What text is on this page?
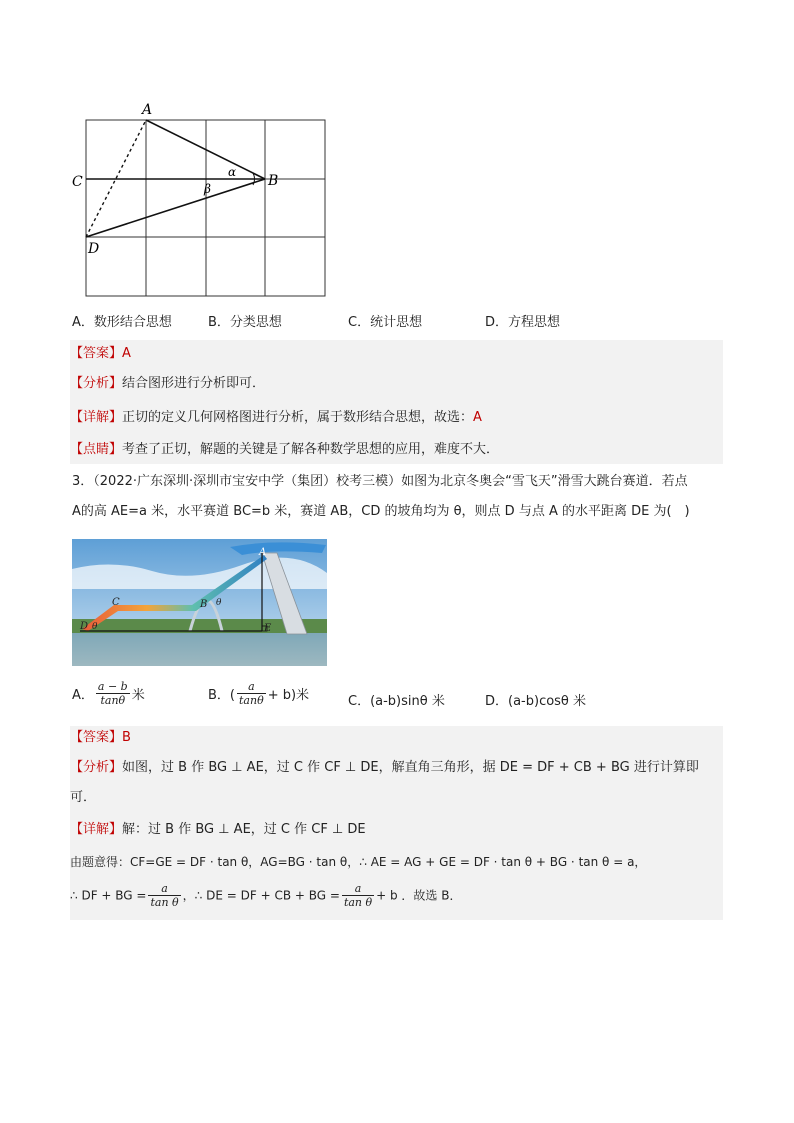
A
B
C
D
α
β
A．数形结合思想	B．分类思想	C．统计思想	D．方程思想
【答案】A
【分析】结合图形进行分析即可．
【详解】正切的定义几何网格图进行分析，属于数形结合思想，故选：A
【点睛】考查了正切，解题的关键是了解各种数学思想的应用，难度不大．
3．（2022·广东深圳·深圳市宝安中学（集团）校考三模）如图为北京冬奥会“雪飞天”滑雪大跳台赛道．若点
A的高 AE=a 米，水平赛道 BC=b 米，赛道 AB，CD 的坡角均为 θ，则点 D 与点 A 的水平距离 DE 为(　)
A
B
C
D	E
θ
θ
A． $\frac{a - b}{\tan\theta}$ 米	B．( $\frac{a}{\tan\theta} + b$)米	C．(a-b)sinθ 米	D．(a-b)cosθ 米
【答案】B
【分析】如图，过 B 作 BG ⊥ AE，过 C 作 CF ⊥ DE，解直角三角形，据 DE = DF + CB + BG 进行计算即
可．
【详解】解：过 B 作 BG ⊥ AE，过 C 作 CF ⊥ DE
由题意得：CF=GE = DF · tan θ，AG=BG · tan θ，∴ AE = AG + GE = DF · tan θ + BG · tan θ = a，
∴ DF + BG = $\frac{a}{\text{tan θ}}$ ，∴ DE = DF + CB + BG = $\frac{a}{\text{tan θ}} + b$ ．故选 B．
